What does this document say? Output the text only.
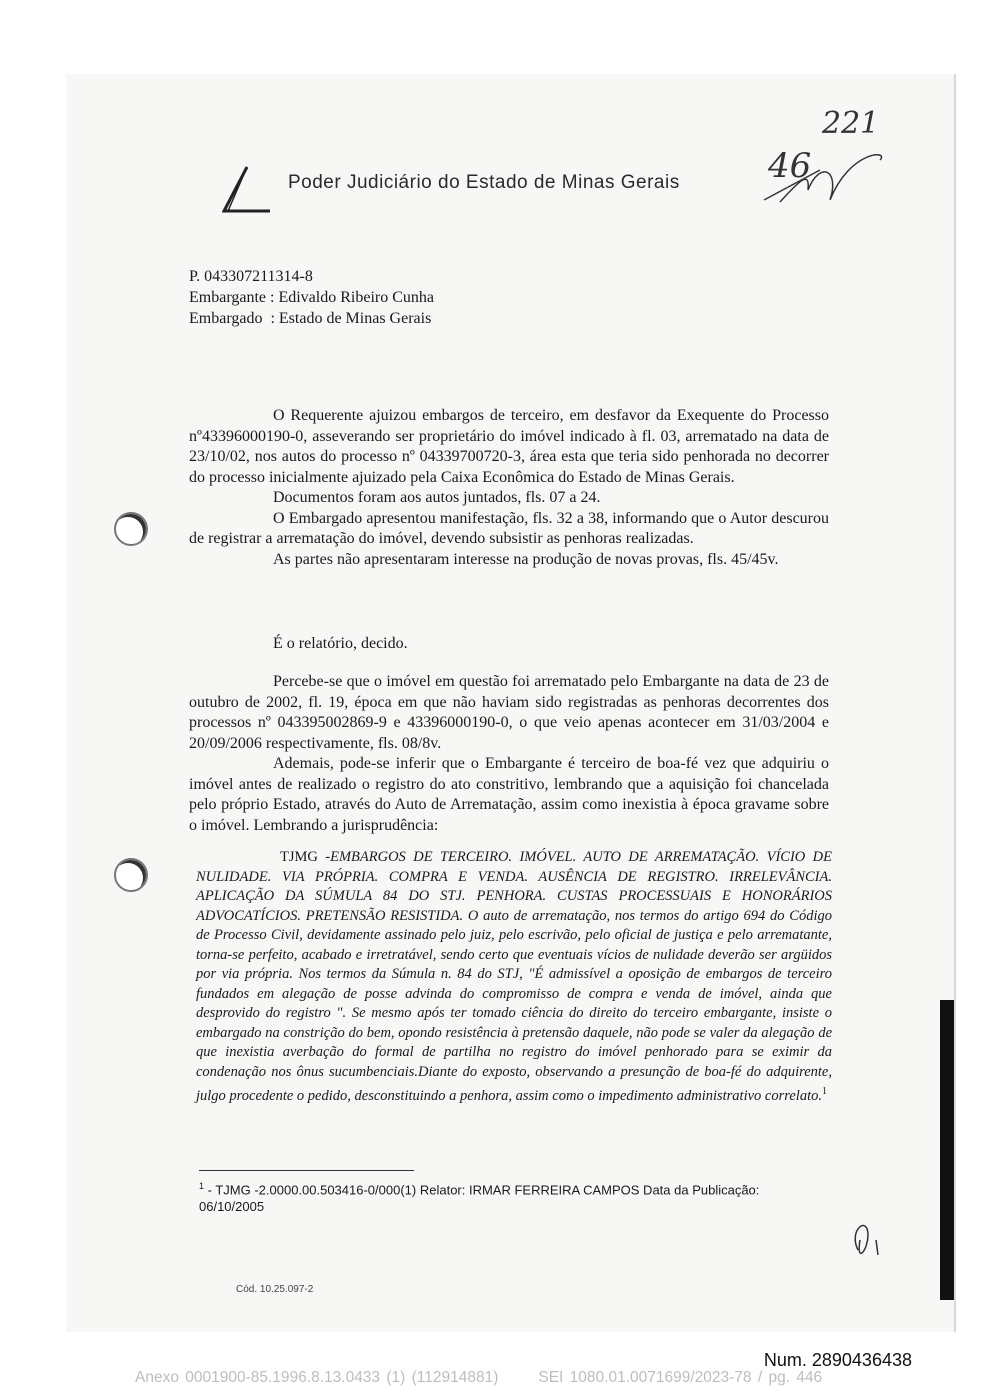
Poder Judiciário do Estado de Minas Gerais	46
221
P. 043307211314-8
Embargante : Edivaldo Ribeiro Cunha
Embargado  : Estado de Minas Gerais

O Requerente ajuizou embargos de terceiro, em desfavor da Exequente do Processo nº43396000190-0, asseverando ser proprietário do imóvel indicado à fl. 03, arrematado na data de 23/10/02, nos autos do processo nº 04339700720-3, área esta que teria sido penhorada no decorrer do processo inicialmente ajuizado pela Caixa Econômica do Estado de Minas Gerais.

Documentos foram aos autos juntados, fls. 07 a 24.

O Embargado apresentou manifestação, fls. 32 a 38, informando que o Autor descurou de registrar a arrematação do imóvel, devendo subsistir as penhoras realizadas.

As partes não apresentaram interesse na produção de novas provas, fls. 45/45v.

É o relatório, decido.

Percebe-se que o imóvel em questão foi arrematado pelo Embargante na data de 23 de outubro de 2002, fl. 19, época em que não haviam sido registradas as penhoras decorrentes dos processos nº 043395002869-9 e 43396000190-0, o que veio apenas acontecer em 31/03/2004 e 20/09/2006 respectivamente, fls. 08/8v.

Ademais, pode-se inferir que o Embargante é terceiro de boa-fé vez que adquiriu o imóvel antes de realizado o registro do ato constritivo, lembrando que a aquisição foi chancelada pelo próprio Estado, através do Auto de Arrematação, assim como inexistia à época gravame sobre o imóvel. Lembrando a jurisprudência:

TJMG -EMBARGOS DE TERCEIRO. IMÓVEL. AUTO DE ARREMATAÇÃO. VÍCIO DE NULIDADE. VIA PRÓPRIA. COMPRA E VENDA. AUSÊNCIA DE REGISTRO. IRRELEVÂNCIA. APLICAÇÃO DA SÚMULA 84 DO STJ. PENHORA. CUSTAS PROCESSUAIS E HONORÁRIOS ADVOCATÍCIOS. PRETENSÃO RESISTIDA. O auto de arrematação, nos termos do artigo 694 do Código de Processo Civil, devidamente assinado pelo juiz, pelo escrivão, pelo oficial de justiça e pelo arrematante, torna-se perfeito, acabado e irretratável, sendo certo que eventuais vícios de nulidade deverão ser argüidos por via própria. Nos termos da Súmula n. 84 do STJ, "É admissível a oposição de embargos de terceiro fundados em alegação de posse advinda do compromisso de compra e venda de imóvel, ainda que desprovido do registro ". Se mesmo após ter tomado ciência do direito do terceiro embargante, insiste o embargado na constrição do bem, opondo resistência à pretensão daquele, não pode se valer da alegação de que inexistia averbação do formal de partilha no registro do imóvel penhorado para se eximir da condenação nos ônus sucumbenciais.Diante do exposto, observando a presunção de boa-fé do adquirente, julgo procedente o pedido, desconstituindo a penhora, assim como o impedimento administrativo correlato.$^1$
$^1$ - TJMG -2.0000.00.503416-0/000(1) Relator: IRMAR FERREIRA CAMPOS Data da Publicação: 06/10/2005
Cód. 10.25.097-2
Num. 2890436438
Anexo 0001900-85.1996.8.13.0433 (1) (112914881)	SEI 1080.01.0071699/2023-78 / pg. 446
